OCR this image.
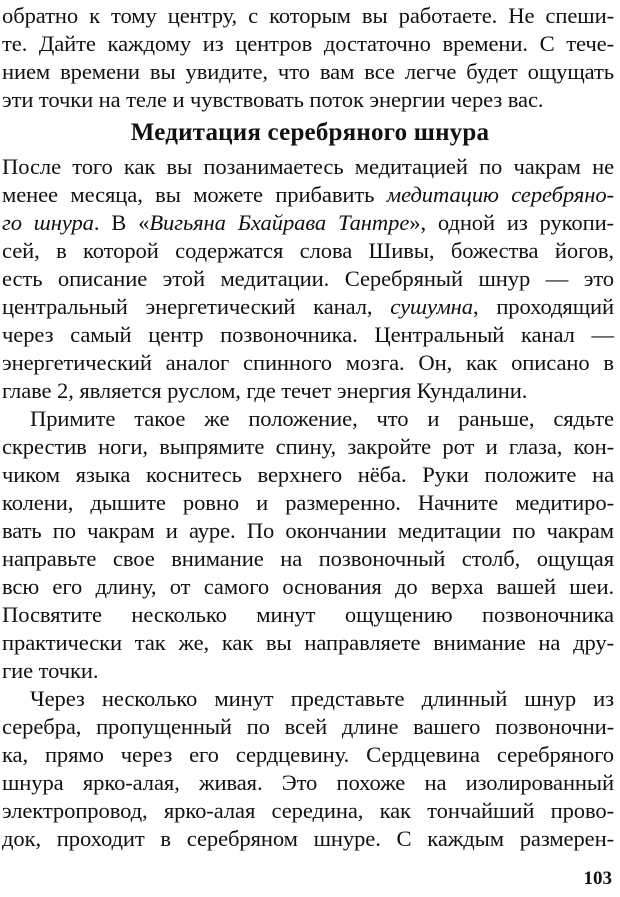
обратно к тому центру, с которым вы работаете. Не спеши-
те. Дайте каждому из центров достаточно времени. С тече-
нием времени вы увидите, что вам все легче будет ощущать
эти точки на теле и чувствовать поток энергии через вас.
Медитация серебряного шнура
После того как вы позанимаетесь медитацией по чакрам не
менее месяца, вы можете прибавить медитацию серебряно-
го шнура. В «Вигьяна Бхайрава Тантре», одной из рукопи-
сей, в которой содержатся слова Шивы, божества йогов,
есть описание этой медитации. Серебряный шнур — это
центральный энергетический канал, сушумна, проходящий
через самый центр позвоночника. Центральный канал —
энергетический аналог спинного мозга. Он, как описано в
главе 2, является руслом, где течет энергия Кундалини.
Примите такое же положение, что и раньше, сядьте
скрестив ноги, выпрямите спину, закройте рот и глаза, кон-
чиком языка коснитесь верхнего нёба. Руки положите на
колени, дышите ровно и размеренно. Начните медитиро-
вать по чакрам и ауре. По окончании медитации по чакрам
направьте свое внимание на позвоночный столб, ощущая
всю его длину, от самого основания до верха вашей шеи.
Посвятите несколько минут ощущению позвоночника
практически так же, как вы направляете внимание на дру-
гие точки.
Через несколько минут представьте длинный шнур из
серебра, пропущенный по всей длине вашего позвоночни-
ка, прямо через его сердцевину. Сердцевина серебряного
шнура ярко-алая, живая. Это похоже на изолированный
электропровод, ярко-алая середина, как тончайший прово-
док, проходит в серебряном шнуре. С каждым размерен-
103
